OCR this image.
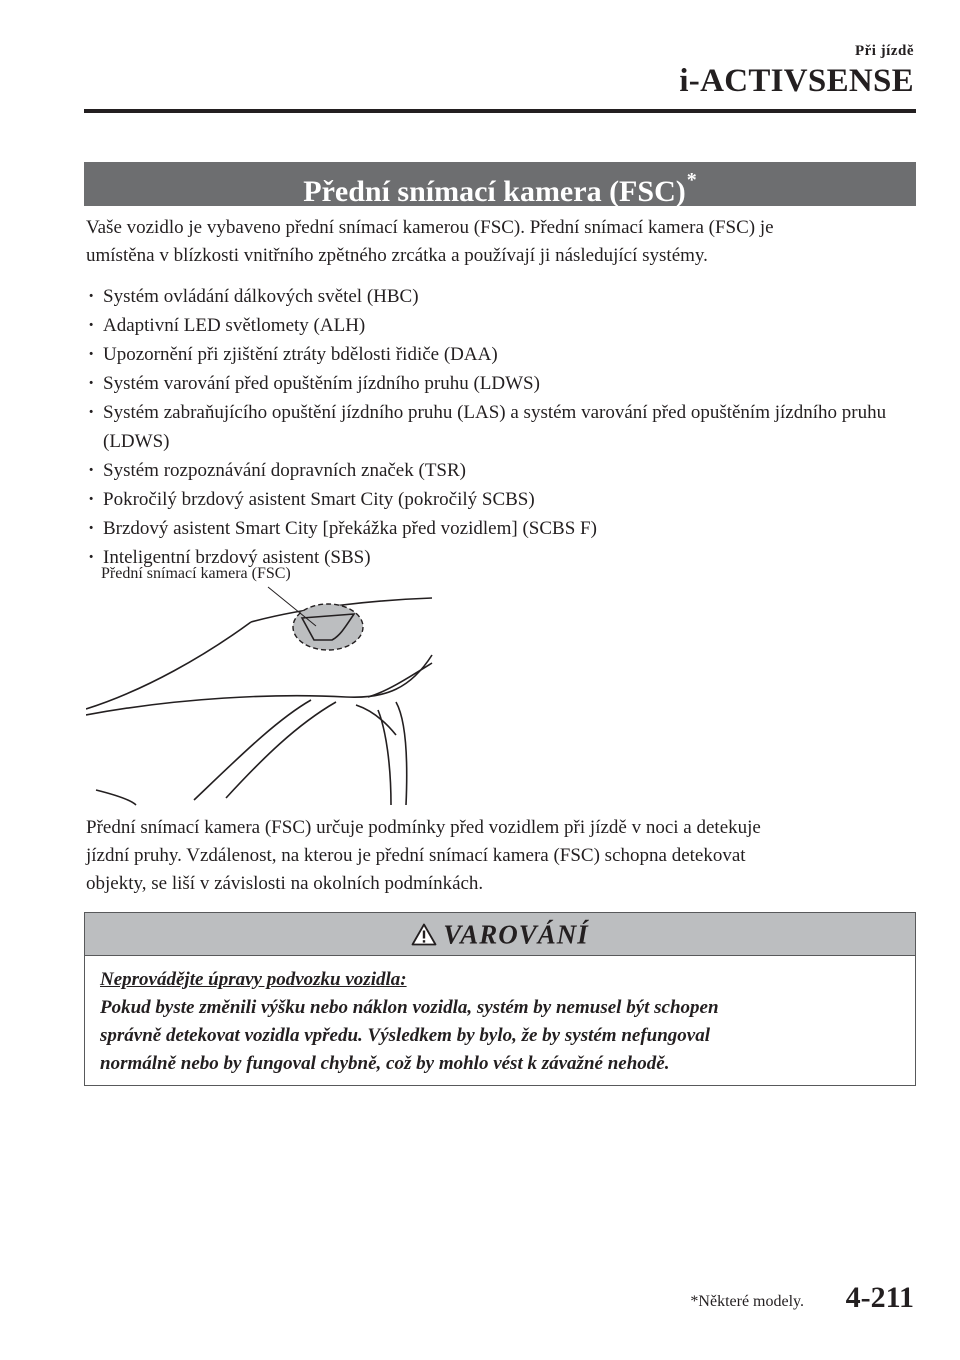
Při jízdě
i-ACTIVSENSE
Přední snímací kamera (FSC)*

Vaše vozidlo je vybaveno přední snímací kamerou (FSC). Přední snímací kamera (FSC) je

umístěna v blízkosti vnitřního zpětného zrcátka a používají ji následující systémy.

· Systém ovládání dálkových světel (HBC)
· Adaptivní LED světlomety (ALH)
· Upozornění při zjištění ztráty bdělosti řidiče (DAA)
· Systém varování před opuštěním jízdního pruhu (LDWS)
· Systém zabraňujícího opuštění jízdního pruhu (LAS) a systém varování před opuštěním jízdního pruhu (LDWS)
· Systém rozpoznávání dopravních značek (TSR)
· Pokročilý brzdový asistent Smart City (pokročilý SCBS)
· Brzdový asistent Smart City [překážka před vozidlem] (SCBS F)
· Inteligentní brzdový asistent (SBS)
Přední snímací kamera (FSC)

Přední snímací kamera (FSC) určuje podmínky před vozidlem při jízdě v noci a detekuje

jízdní pruhy. Vzdálenost, na kterou je přední snímací kamera (FSC) schopna detekovat

objekty, se liší v závislosti na okolních podmínkách.

VAROVÁNÍ

Neprovádějte úpravy podvozku vozidla:

Pokud byste změnili výšku nebo náklon vozidla, systém by nemusel být schopen

správně detekovat vozidla vpředu. Výsledkem by bylo, že by systém nefungoval

normálně nebo by fungoval chybně, což by mohlo vést k závažné nehodě.

*Některé modely. 4-211
